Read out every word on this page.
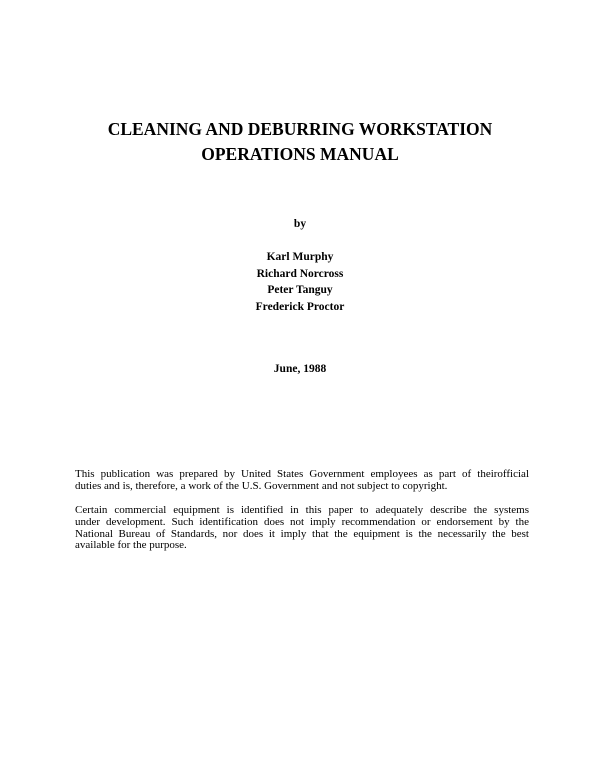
CLEANING AND DEBURRING WORKSTATION
OPERATIONS MANUAL
by
Karl Murphy
Richard Norcross
Peter Tanguy
Frederick Proctor
June, 1988
This publication was prepared by United States Government employees as part of theirofficial
duties and is, therefore, a work of the U.S. Government and not subject to copyright.
Certain commercial equipment is identified in this paper to adequately describe the systems
under development. Such identification does not imply recommendation or endorsement by the
National Bureau of Standards, nor does it imply that the equipment is the necessarily the best
available for the purpose.
